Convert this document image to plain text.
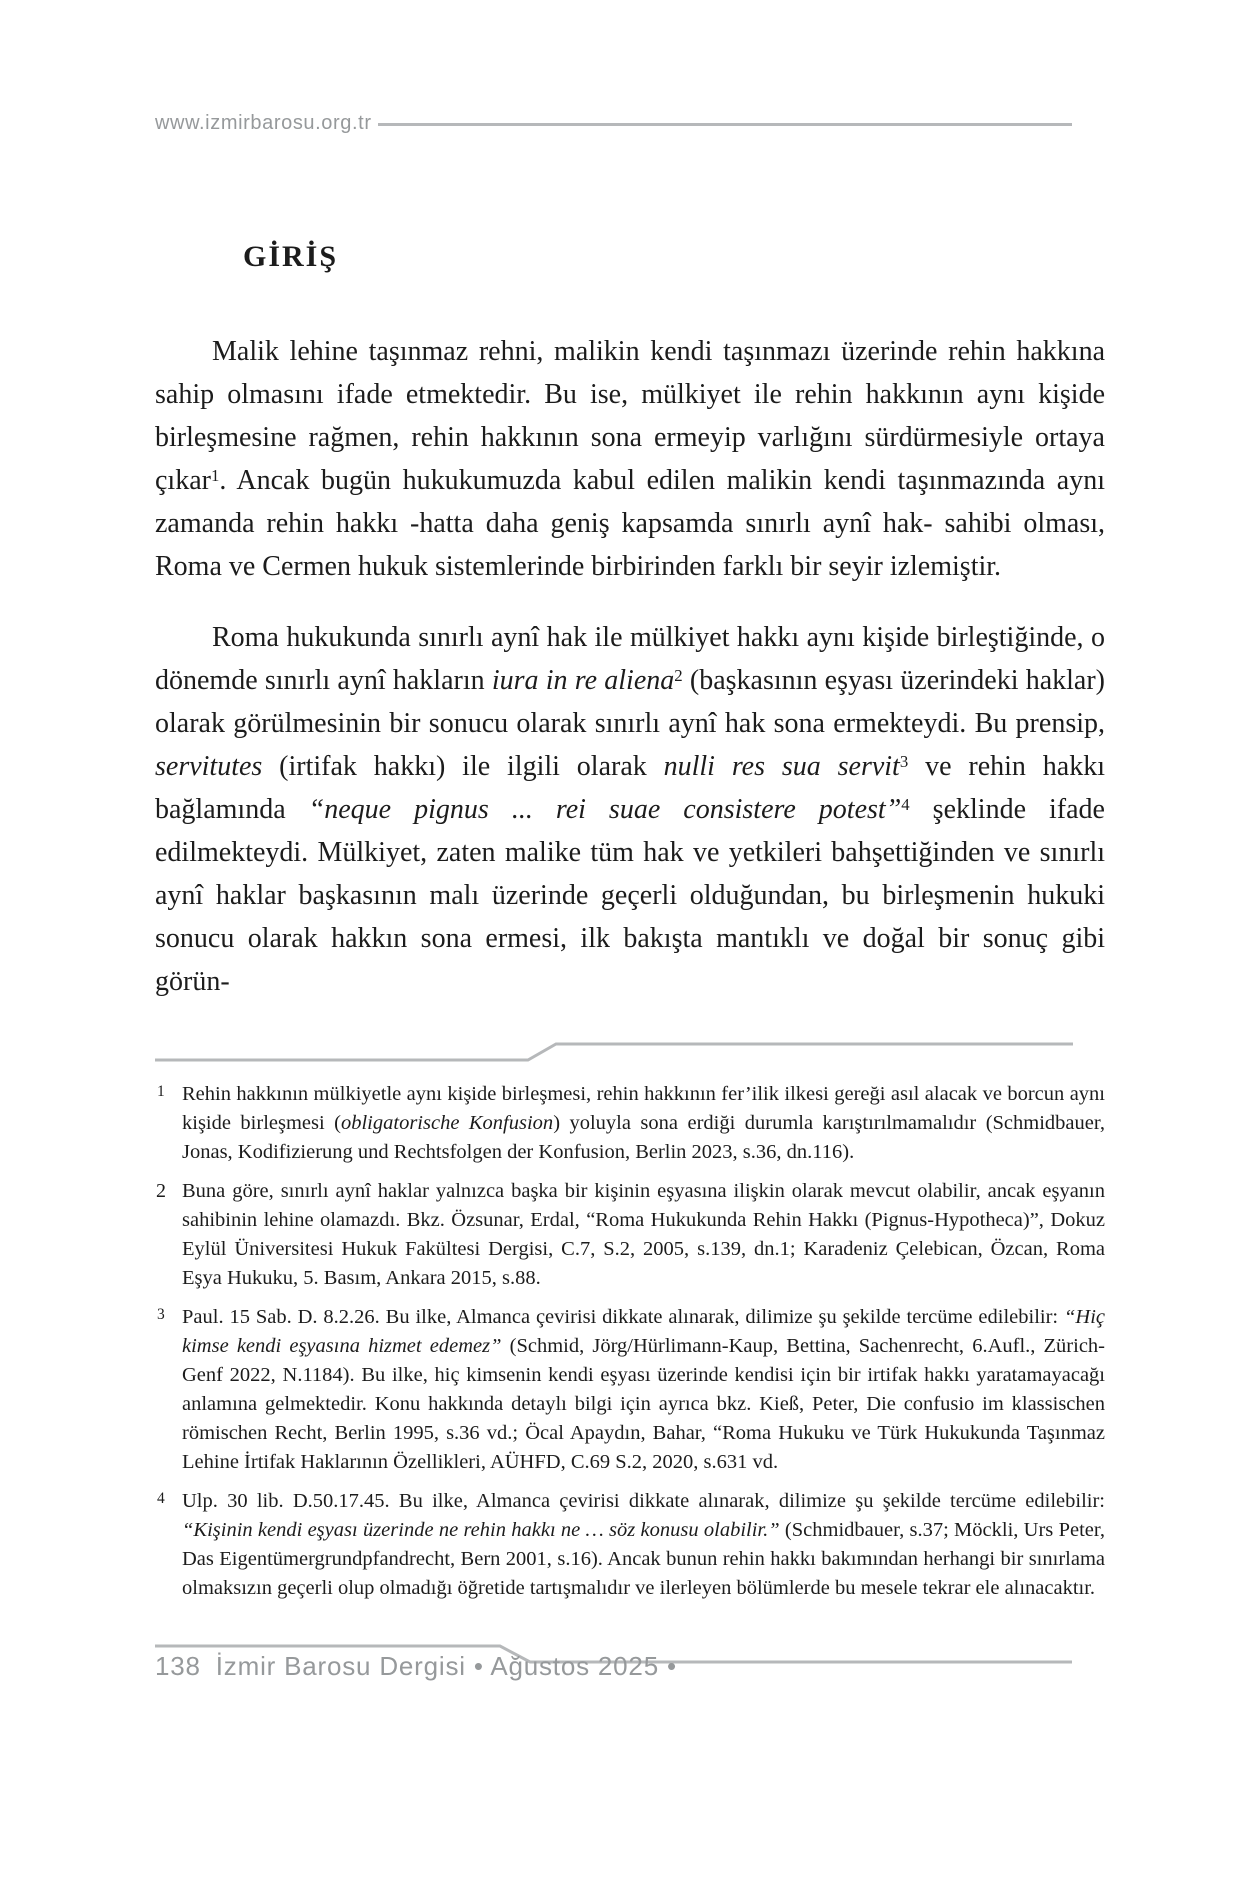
www.izmirbarosu.org.tr
GİRİŞ

Malik lehine taşınmaz rehni, malikin kendi taşınmazı üzerinde rehin hakkına sahip olmasını ifade etmektedir. Bu ise, mülkiyet ile rehin hakkının aynı kişide birleşmesine rağmen, rehin hakkının sona ermeyip varlığını sürdürmesiyle ortaya çıkar$^1$. Ancak bugün hukukumuzda kabul edilen malikin kendi taşınmazında aynı zamanda rehin hakkı -hatta daha geniş kapsamda sınırlı aynî hak- sahibi olması, Roma ve Cermen hukuk sistemlerinde birbirinden farklı bir seyir izlemiştir.

Roma hukukunda sınırlı aynî hak ile mülkiyet hakkı aynı kişide birleştiğinde, o dönemde sınırlı aynî hakların iura in re aliena$^2$ (başkasının eşyası üzerindeki haklar) olarak görülmesinin bir sonucu olarak sınırlı aynî hak sona ermekteydi. Bu prensip, servitutes (irtifak hakkı) ile ilgili olarak nulli res sua servit$^3$ ve rehin hakkı bağlamında “neque pignus ... rei suae consistere potest”$^4$ şeklinde ifade edilmekteydi. Mülkiyet, zaten malike tüm hak ve yetkileri bahşettiğinden ve sınırlı aynî haklar başkasının malı üzerinde geçerli olduğundan, bu birleşmenin hukuki sonucu olarak hakkın sona ermesi, ilk bakışta mantıklı ve doğal bir sonuç gibi görün-

1 Rehin hakkının mülkiyetle aynı kişide birleşmesi, rehin hakkının fer’ilik ilkesi gereği asıl alacak ve borcun aynı kişide birleşmesi (obligatorische Konfusion) yoluyla sona erdiği durumla karıştırılmamalıdır (Schmidbauer, Jonas, Kodifizierung und Rechtsfolgen der Konfusion, Berlin 2023, s.36, dn.116).
2 Buna göre, sınırlı aynî haklar yalnızca başka bir kişinin eşyasına ilişkin olarak mevcut olabilir, ancak eşyanın sahibinin lehine olamazdı. Bkz. Özsunar, Erdal, “Roma Hukukunda Rehin Hakkı (Pignus-Hypotheca)”, Dokuz Eylül Üniversitesi Hukuk Fakültesi Dergisi, C.7, S.2, 2005, s.139, dn.1; Karadeniz Çelebican, Özcan, Roma Eşya Hukuku, 5. Basım, Ankara 2015, s.88.
3 Paul. 15 Sab. D. 8.2.26. Bu ilke, Almanca çevirisi dikkate alınarak, dilimize şu şekilde tercüme edilebilir: “Hiç kimse kendi eşyasına hizmet edemez” (Schmid, Jörg/Hürlimann-Kaup, Bettina, Sachenrecht, 6.Aufl., Zürich-Genf 2022, N.1184). Bu ilke, hiç kimsenin kendi eşyası üzerinde kendisi için bir irtifak hakkı yaratamayacağı anlamına gelmektedir. Konu hakkında detaylı bilgi için ayrıca bkz. Kieß, Peter, Die confusio im klassischen römischen Recht, Berlin 1995, s.36 vd.; Öcal Apaydın, Bahar, “Roma Hukuku ve Türk Hukukunda Taşınmaz Lehine İrtifak Haklarının Özellikleri, AÜHFD, C.69 S.2, 2020, s.631 vd.
4 Ulp. 30 lib. D.50.17.45. Bu ilke, Almanca çevirisi dikkate alınarak, dilimize şu şekilde tercüme edilebilir: “Kişinin kendi eşyası üzerinde ne rehin hakkı ne … söz konusu olabilir.” (Schmidbauer, s.37; Möckli, Urs Peter, Das Eigentümergrundpfandrecht, Bern 2001, s.16). Ancak bunun rehin hakkı bakımından herhangi bir sınırlama olmaksızın geçerli olup olmadığı öğretide tartışmalıdır ve ilerleyen bölümlerde bu mesele tekrar ele alınacaktır.
138 İzmir Barosu Dergisi • Ağustos 2025 •
